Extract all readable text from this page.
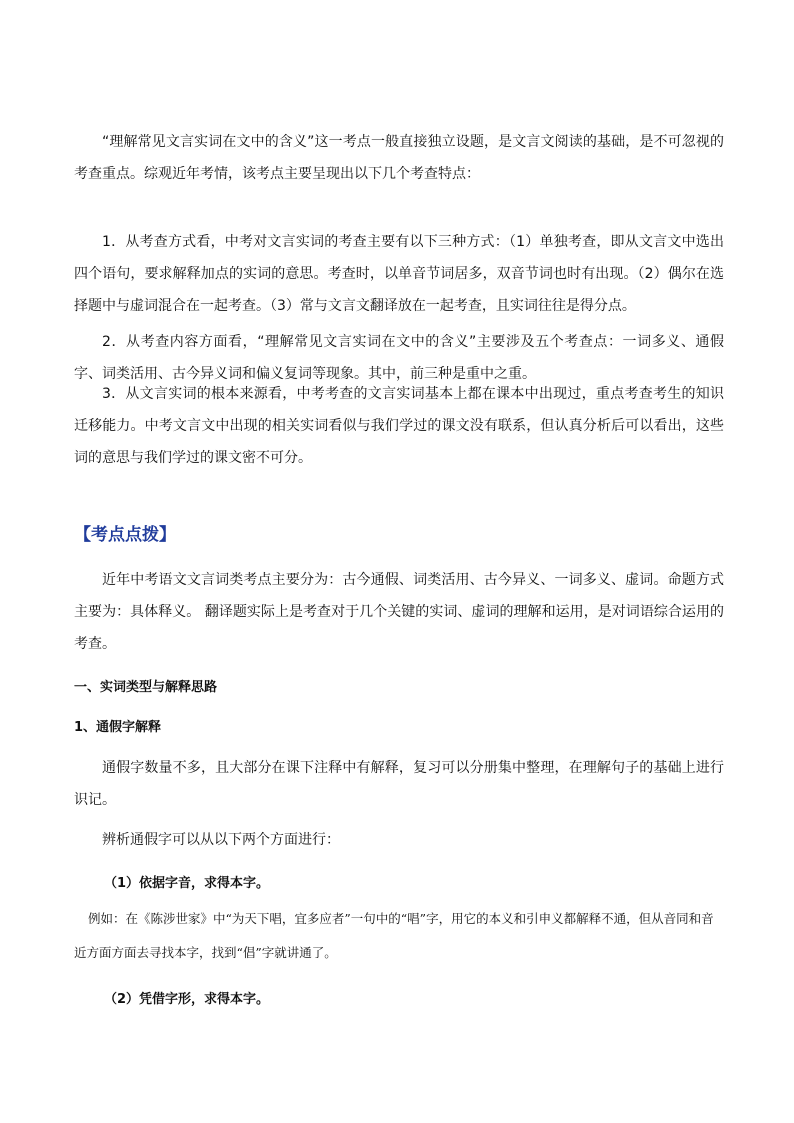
“理解常见文言实词在文中的含义”这一考点一般直接独立设题，是文言文阅读的基础，是不可忽视的考查重点。综观近年考情，该考点主要呈现出以下几个考查特点：

1．从考查方式看，中考对文言实词的考查主要有以下三种方式：（1）单独考查，即从文言文中选出四个语句，要求解释加点的实词的意思。考查时，以单音节词居多，双音节词也时有出现。（2）偶尔在选择题中与虚词混合在一起考查。（3）常与文言文翻译放在一起考查，且实词往往是得分点。

2．从考查内容方面看，“理解常见文言实词在文中的含义”主要涉及五个考查点：一词多义、通假字、词类活用、古今异义词和偏义复词等现象。其中，前三种是重中之重。

3．从文言实词的根本来源看，中考考查的文言实词基本上都在课本中出现过，重点考查考生的知识迁移能力。中考文言文中出现的相关实词看似与我们学过的课文没有联系，但认真分析后可以看出，这些词的意思与我们学过的课文密不可分。

【考点点拨】

近年中考语文文言词类考点主要分为：古今通假、词类活用、古今异义、一词多义、虚词。命题方式主要为：具体释义。 翻译题实际上是考查对于几个关键的实词、虚词的理解和运用，是对词语综合运用的考查。

一、实词类型与解释思路

1、通假字解释

通假字数量不多，且大部分在课下注释中有解释，复习可以分册集中整理，在理解句子的基础上进行识记。

辨析通假字可以从以下两个方面进行：

（1）依据字音，求得本字。

例如：在《陈涉世家》中“为天下唱，宜多应者”一句中的“唱”字，用它的本义和引申义都解释不通，但从音同和音近方面方面去寻找本字，找到“倡”字就讲通了。

（2）凭借字形，求得本字。
